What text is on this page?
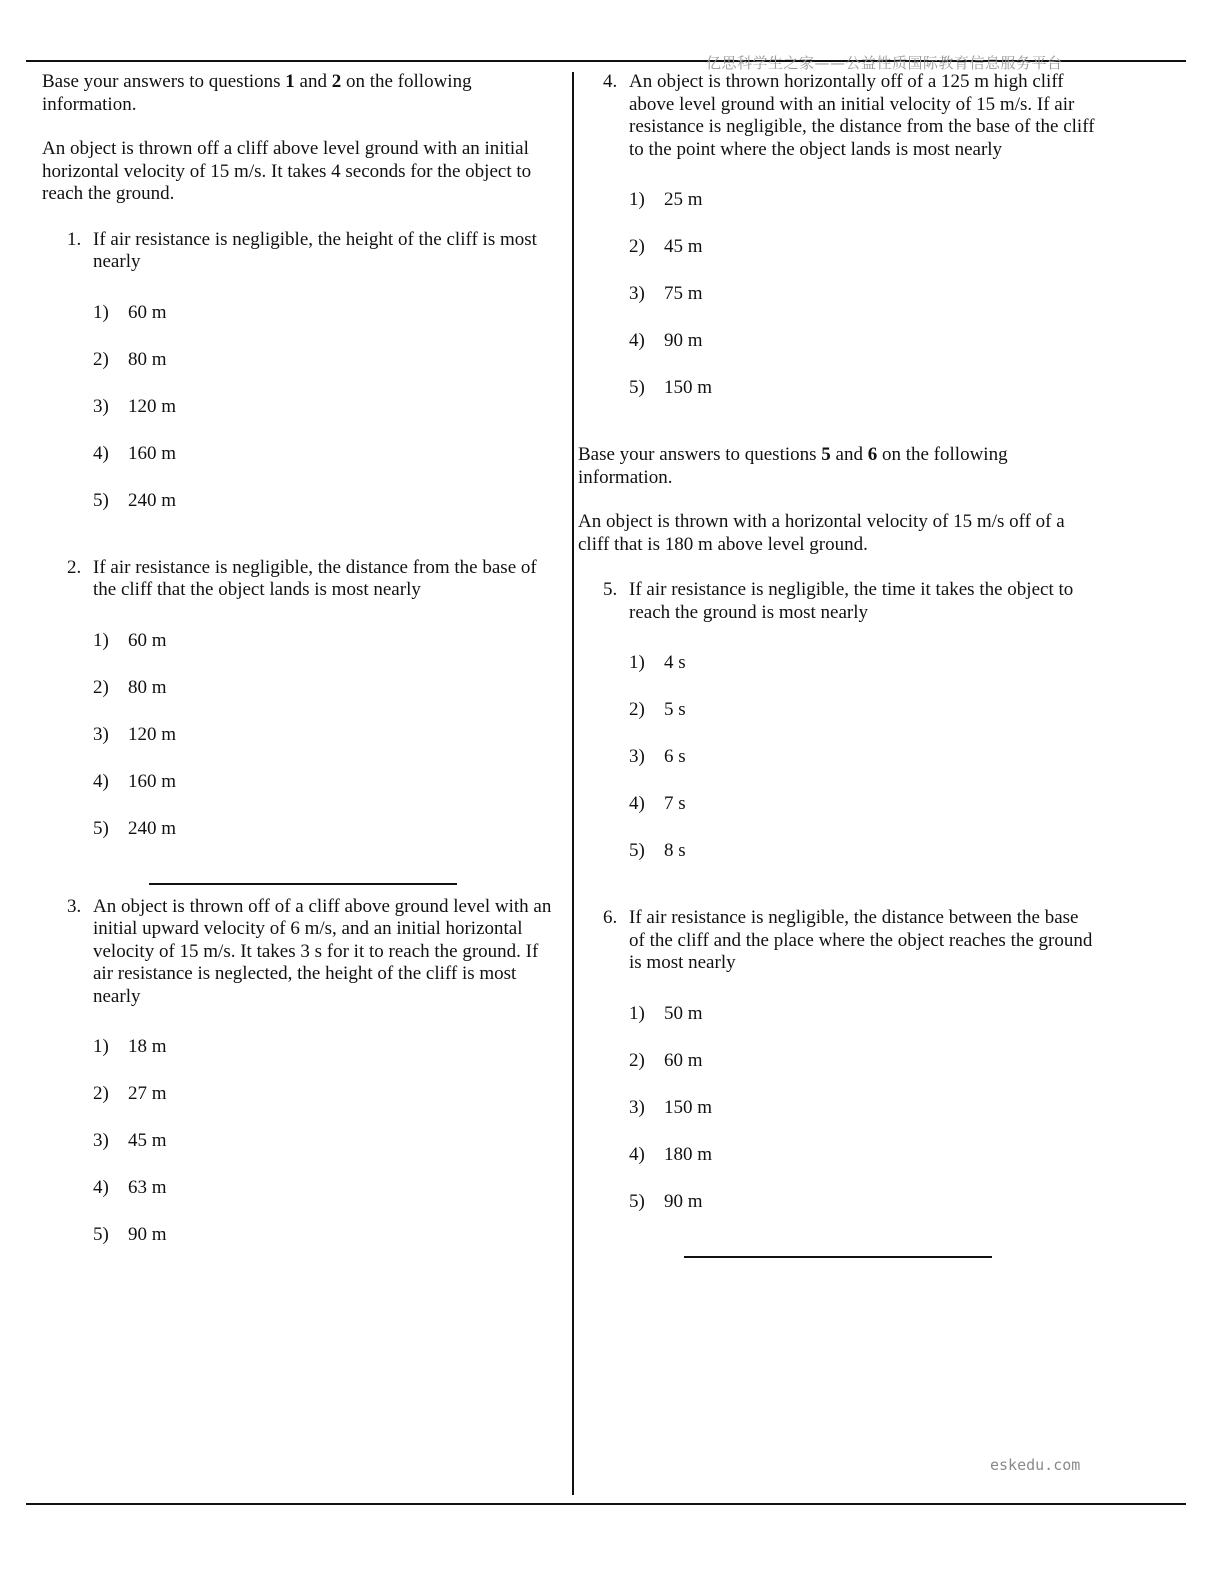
亿思科学生之家——公益性质国际教育信息服务平台

Base your answers to questions 1 and 2 on the following information.

An object is thrown off a cliff above level ground with an initial horizontal velocity of 15 m/s. It takes 4 seconds for the object to reach the ground.

1. If air resistance is negligible, the height of the cliff is most nearly
1) 60 m
2) 80 m
3) 120 m
4) 160 m
5) 240 m
2. If air resistance is negligible, the distance from the base of the cliff that the object lands is most nearly
1) 60 m
2) 80 m
3) 120 m
4) 160 m
5) 240 m
3. An object is thrown off of a cliff above ground level with an initial upward velocity of 6 m/s, and an initial horizontal velocity of 15 m/s. It takes 3 s for it to reach the ground. If air resistance is neglected, the height of the cliff is most nearly
1) 18 m
2) 27 m
3) 45 m
4) 63 m
5) 90 m
4. An object is thrown horizontally off of a 125 m high cliff above level ground with an initial velocity of 15 m/s. If air resistance is negligible, the distance from the base of the cliff to the point where the object lands is most nearly
1) 25 m
2) 45 m
3) 75 m
4) 90 m
5) 150 m

Base your answers to questions 5 and 6 on the following information.

An object is thrown with a horizontal velocity of 15 m/s off of a cliff that is 180 m above level ground.

5. If air resistance is negligible, the time it takes the object to reach the ground is most nearly
1) 4 s
2) 5 s
3) 6 s
4) 7 s
5) 8 s
6. If air resistance is negligible, the distance between the base of the cliff and the place where the object reaches the ground is most nearly
1) 50 m
2) 60 m
3) 150 m
4) 180 m
5) 90 m
eskedu.com
